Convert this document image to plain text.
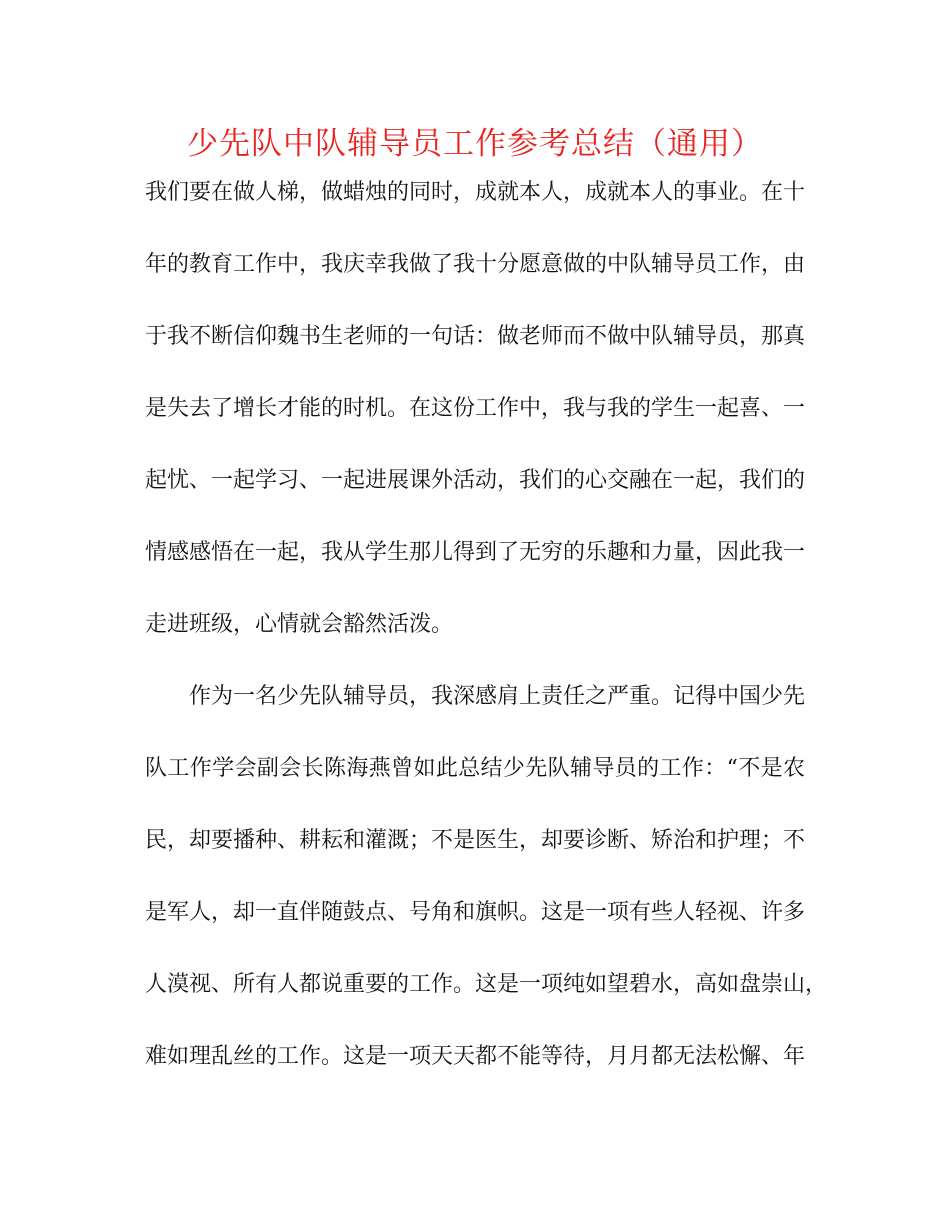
少先队中队辅导员工作参考总结（通用）
我们要在做人梯，做蜡烛的同时，成就本人，成就本人的事业。在十
年的教育工作中，我庆幸我做了我十分愿意做的中队辅导员工作，由
于我不断信仰魏书生老师的一句话：做老师而不做中队辅导员，那真
是失去了增长才能的时机。在这份工作中，我与我的学生一起喜、一
起忧、一起学习、一起进展课外活动，我们的心交融在一起，我们的
情感感悟在一起，我从学生那儿得到了无穷的乐趣和力量，因此我一
走进班级，心情就会豁然活泼。
作为一名少先队辅导员，我深感肩上责任之严重。记得中国少先
队工作学会副会长陈海燕曾如此总结少先队辅导员的工作：“不是农
民，却要播种、耕耘和灌溉；不是医生，却要诊断、矫治和护理；不
是军人，却一直伴随鼓点、号角和旗帜。这是一项有些人轻视、许多
人漠视、所有人都说重要的工作。这是一项纯如望碧水，高如盘崇山，
难如理乱丝的工作。这是一项天天都不能等待，月月都无法松懈、年
